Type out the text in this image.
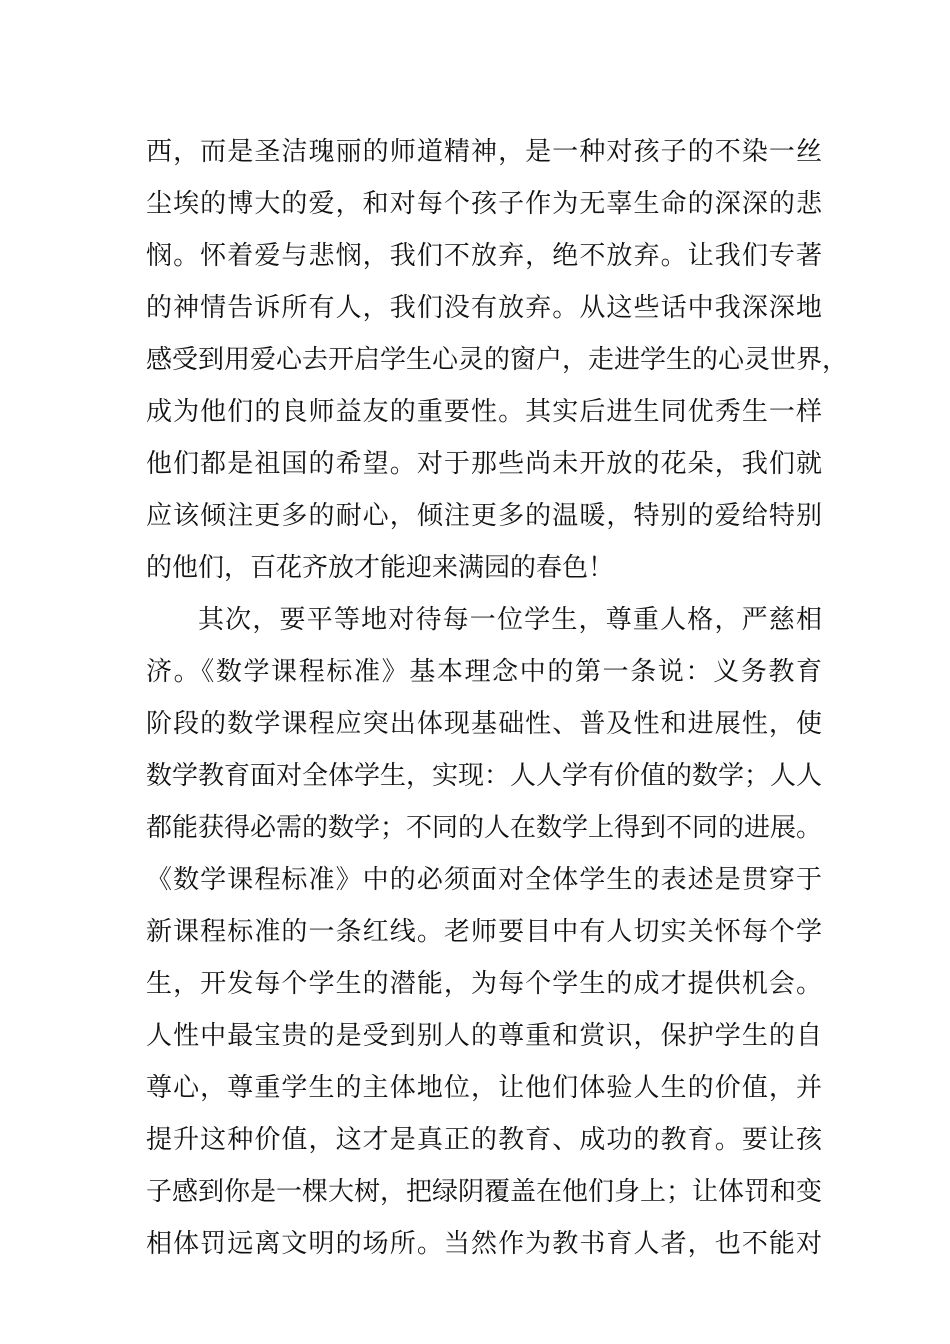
西，而是圣洁瑰丽的师道精神，是一种对孩子的不染一丝
尘埃的博大的爱，和对每个孩子作为无辜生命的深深的悲
悯。怀着爱与悲悯，我们不放弃，绝不放弃。让我们专著
的神情告诉所有人，我们没有放弃。从这些话中我深深地
感受到用爱心去开启学生心灵的窗户，走进学生的心灵世界，
成为他们的良师益友的重要性。其实后进生同优秀生一样
他们都是祖国的希望。对于那些尚未开放的花朵，我们就
应该倾注更多的耐心，倾注更多的温暖，特别的爱给特别
的他们，百花齐放才能迎来满园的春色！
其次，要平等地对待每一位学生，尊重人格，严慈相
济。《数学课程标准》基本理念中的第一条说：义务教育
阶段的数学课程应突出体现基础性、普及性和进展性，使
数学教育面对全体学生，实现：人人学有价值的数学；人人
都能获得必需的数学；不同的人在数学上得到不同的进展。
《数学课程标准》中的必须面对全体学生的表述是贯穿于
新课程标准的一条红线。老师要目中有人切实关怀每个学
生，开发每个学生的潜能，为每个学生的成才提供机会。
人性中最宝贵的是受到别人的尊重和赏识，保护学生的自
尊心，尊重学生的主体地位，让他们体验人生的价值，并
提升这种价值，这才是真正的教育、成功的教育。要让孩
子感到你是一棵大树，把绿阴覆盖在他们身上；让体罚和变
相体罚远离文明的场所。当然作为教书育人者，也不能对
